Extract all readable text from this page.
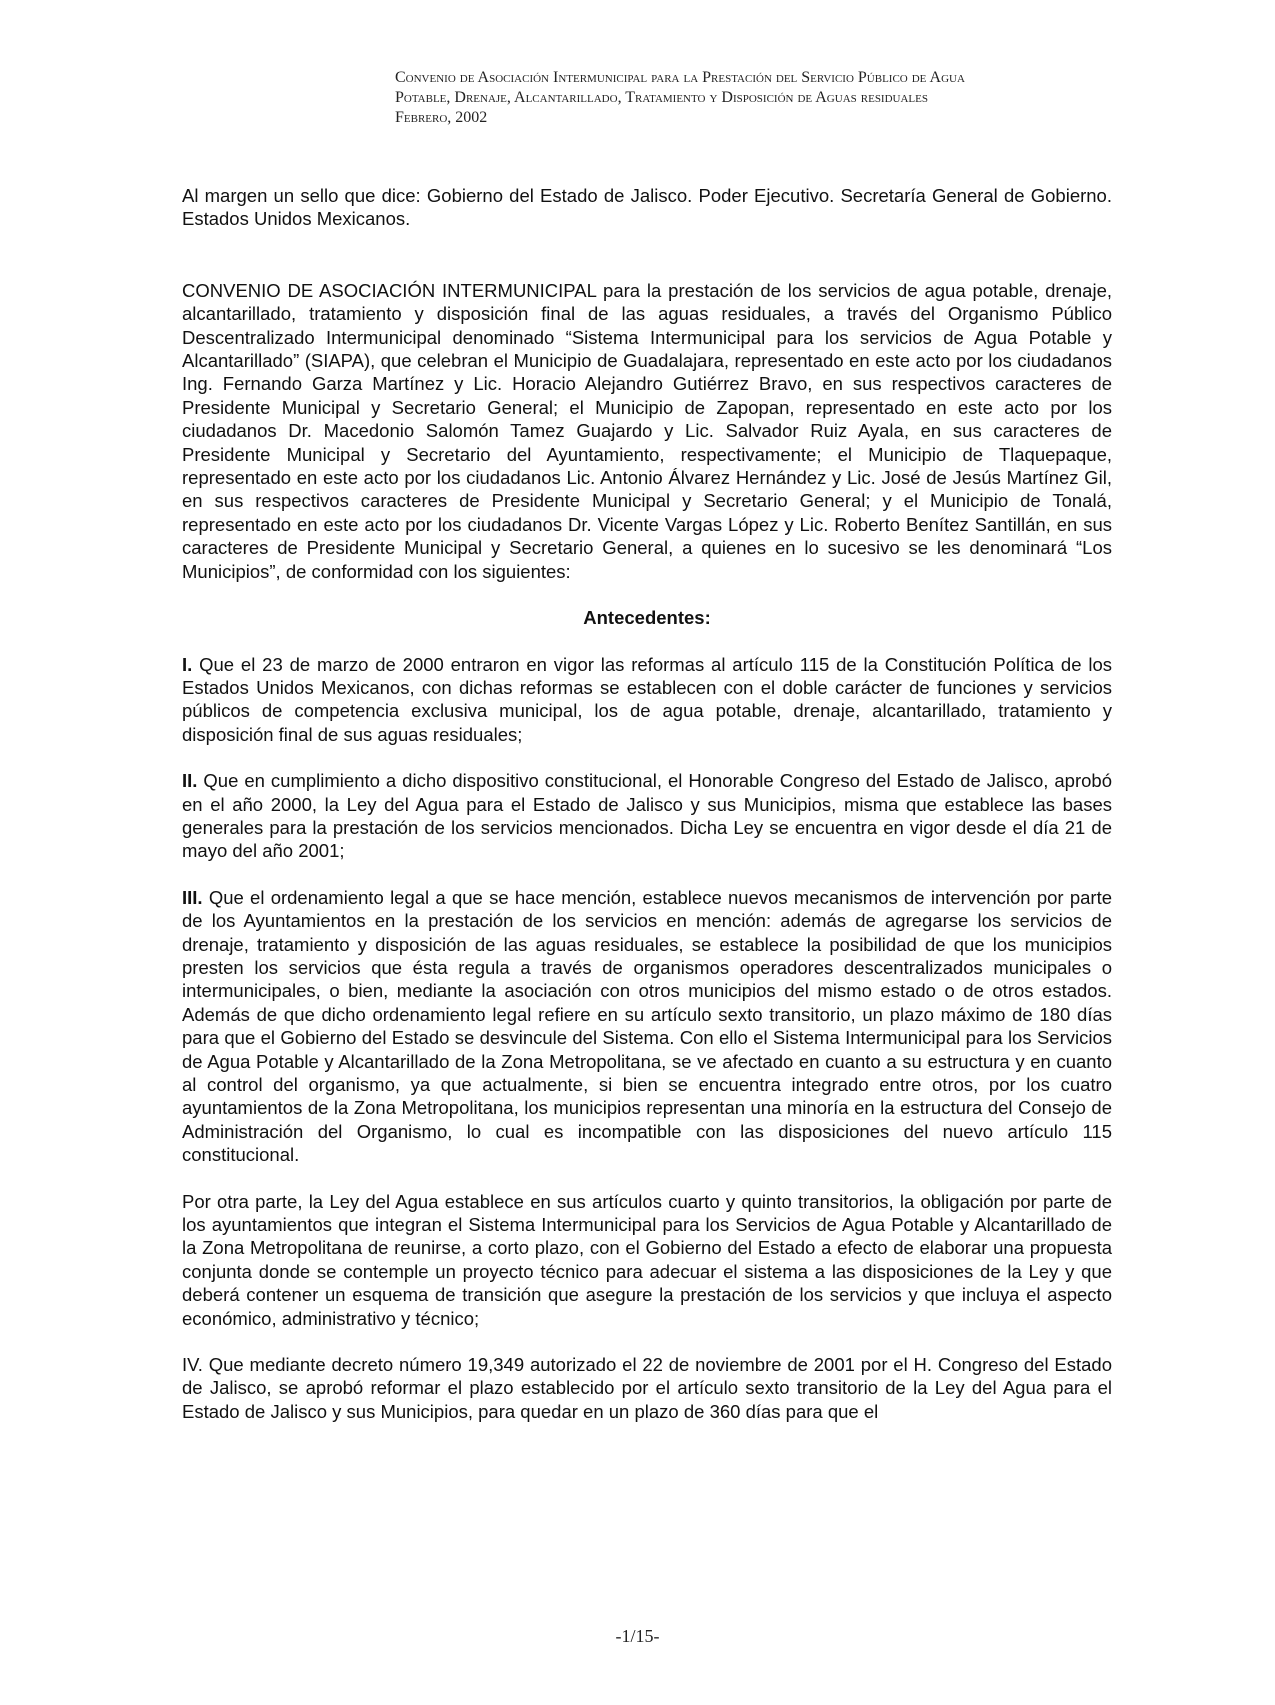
Convenio de Asociación Intermunicipal para la Prestación del Servicio Público de Agua
Potable, Drenaje, Alcantarillado, Tratamiento y Disposición de Aguas residuales
Febrero, 2002

Al margen un sello que dice: Gobierno del Estado de Jalisco. Poder Ejecutivo. Secretaría General de Gobierno. Estados Unidos Mexicanos.

CONVENIO DE ASOCIACIÓN INTERMUNICIPAL para la prestación de los servicios de agua potable, drenaje, alcantarillado, tratamiento y disposición final de las aguas residuales, a través del Organismo Público Descentralizado Intermunicipal denominado “Sistema Intermunicipal para los servicios de Agua Potable y Alcantarillado” (SIAPA), que celebran el Municipio de Guadalajara, representado en este acto por los ciudadanos Ing. Fernando Garza Martínez y Lic. Horacio Alejandro Gutiérrez Bravo, en sus respectivos caracteres de Presidente Municipal y Secretario General; el Municipio de Zapopan, representado en este acto por los ciudadanos Dr. Macedonio Salomón Tamez Guajardo y Lic. Salvador Ruiz Ayala, en sus caracteres de Presidente Municipal y Secretario del Ayuntamiento, respectivamente; el Municipio de Tlaquepaque, representado en este acto por los ciudadanos Lic. Antonio Álvarez Hernández y Lic. José de Jesús Martínez Gil, en sus respectivos caracteres de Presidente Municipal y Secretario General; y el Municipio de Tonalá, representado en este acto por los ciudadanos Dr. Vicente Vargas López y Lic. Roberto Benítez Santillán, en sus caracteres de Presidente Municipal y Secretario General, a quienes en lo sucesivo se les denominará “Los Municipios”, de conformidad con los siguientes:

Antecedentes:

I. Que el 23 de marzo de 2000 entraron en vigor las reformas al artículo 115 de la Constitución Política de los Estados Unidos Mexicanos, con dichas reformas se establecen con el doble carácter de funciones y servicios públicos de competencia exclusiva municipal, los de agua potable, drenaje, alcantarillado, tratamiento y disposición final de sus aguas residuales;

II. Que en cumplimiento a dicho dispositivo constitucional, el Honorable Congreso del Estado de Jalisco, aprobó en el año 2000, la Ley del Agua para el Estado de Jalisco y sus Municipios, misma que establece las bases generales para la prestación de los servicios mencionados. Dicha Ley se encuentra en vigor desde el día 21 de mayo del año 2001;

III. Que el ordenamiento legal a que se hace mención, establece nuevos mecanismos de intervención por parte de los Ayuntamientos en la prestación de los servicios en mención: además de agregarse los servicios de drenaje, tratamiento y disposición de las aguas residuales, se establece la posibilidad de que los municipios presten los servicios que ésta regula a través de organismos operadores descentralizados municipales o intermunicipales, o bien, mediante la asociación con otros municipios del mismo estado o de otros estados. Además de que dicho ordenamiento legal refiere en su artículo sexto transitorio, un plazo máximo de 180 días para que el Gobierno del Estado se desvincule del Sistema. Con ello el Sistema Intermunicipal para los Servicios de Agua Potable y Alcantarillado de la Zona Metropolitana, se ve afectado en cuanto a su estructura y en cuanto al control del organismo, ya que actualmente, si bien se encuentra integrado entre otros, por los cuatro ayuntamientos de la Zona Metropolitana, los municipios representan una minoría en la estructura del Consejo de Administración del Organismo, lo cual es incompatible con las disposiciones del nuevo artículo 115 constitucional.

Por otra parte, la Ley del Agua establece en sus artículos cuarto y quinto transitorios, la obligación por parte de los ayuntamientos que integran el Sistema Intermunicipal para los Servicios de Agua Potable y Alcantarillado de la Zona Metropolitana de reunirse, a corto plazo, con el Gobierno del Estado a efecto de elaborar una propuesta conjunta donde se contemple un proyecto técnico para adecuar el sistema a las disposiciones de la Ley y que deberá contener un esquema de transición que asegure la prestación de los servicios y que incluya el aspecto económico, administrativo y técnico;

IV. Que mediante decreto número 19,349 autorizado el 22 de noviembre de 2001 por el H. Congreso del Estado de Jalisco, se aprobó reformar el plazo establecido por el artículo sexto transitorio de la Ley del Agua para el Estado de Jalisco y sus Municipios, para quedar en un plazo de 360 días para que el

-1/15-
